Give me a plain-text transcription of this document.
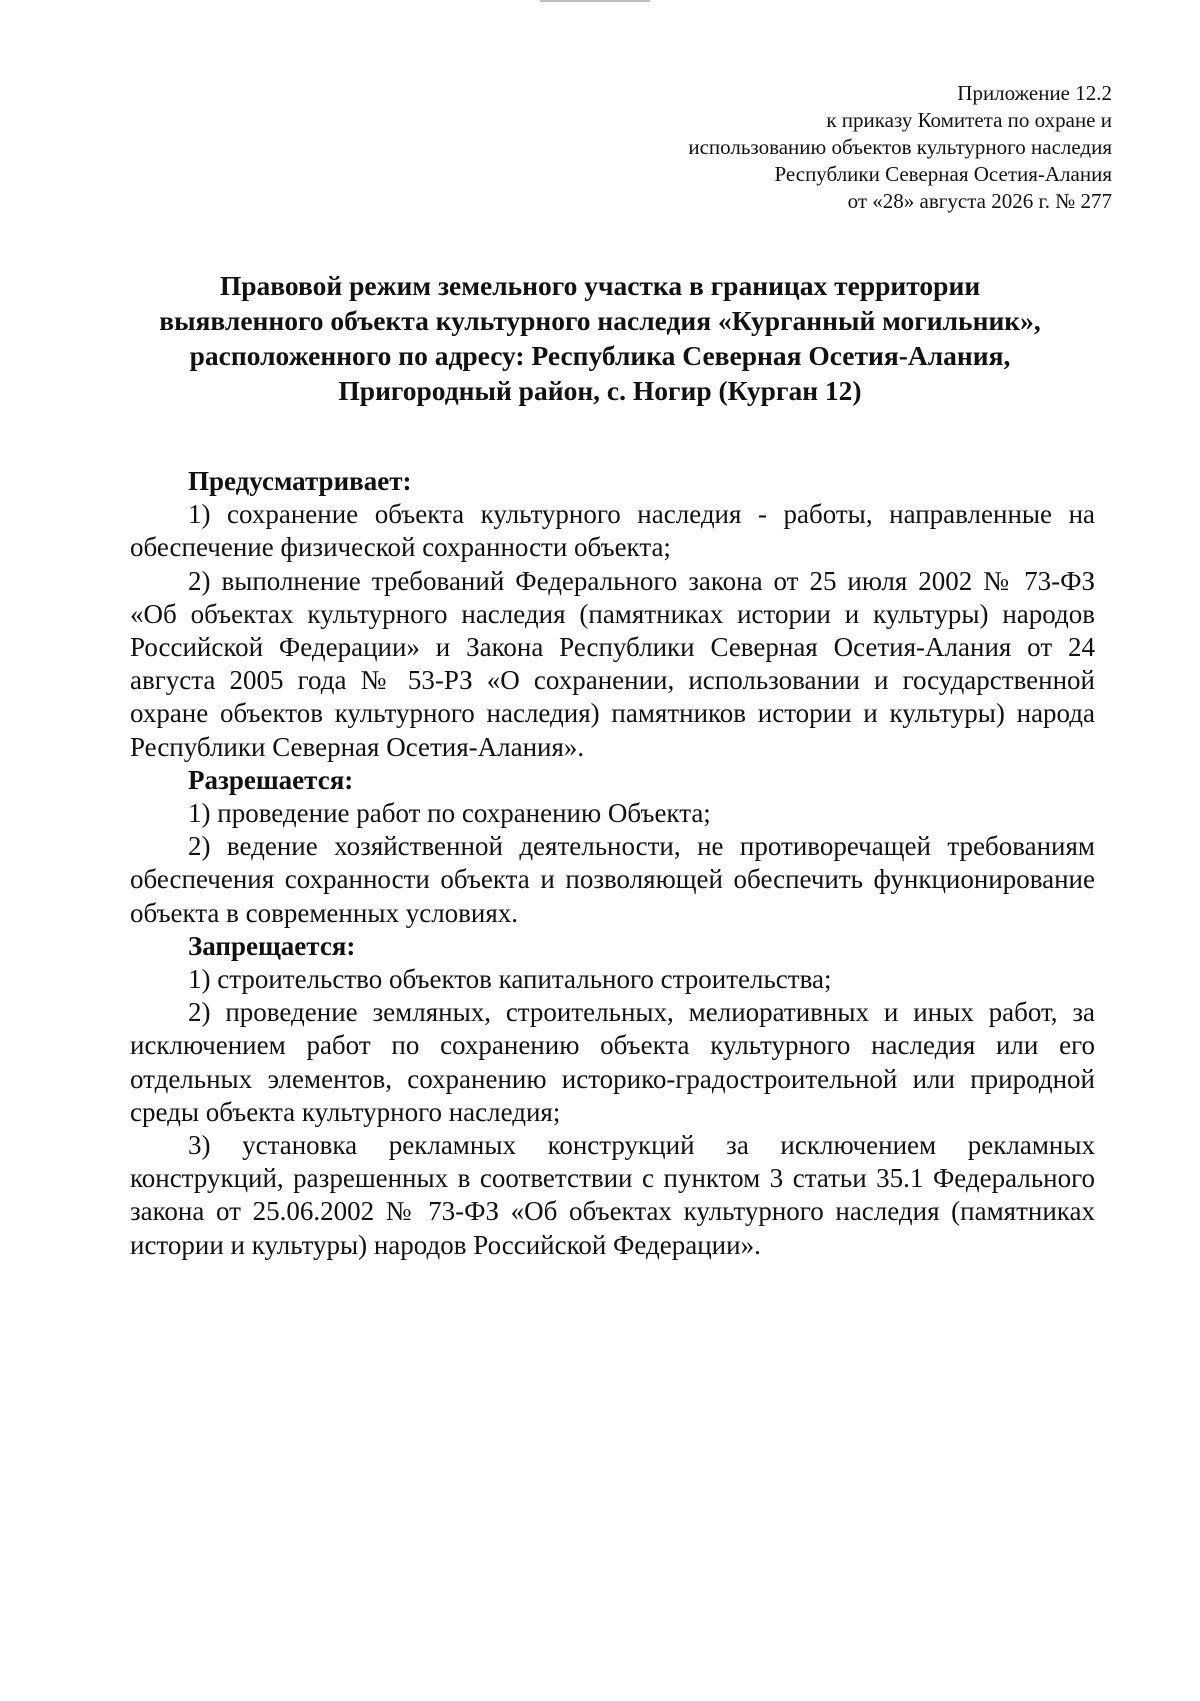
Приложение 12.2
к приказу Комитета по охране и
использованию объектов культурного наследия
Республики Северная Осетия-Алания
от «28» августа 2026 г. № 277
Правовой режим земельного участка в границах территории
выявленного объекта культурного наследия «Курганный могильник»,
расположенного по адресу: Республика Северная Осетия-Алания,
Пригородный район, с. Ногир (Курган 12)

Предусматривает:

1) сохранение объекта культурного наследия - работы, направленные на обеспечение физической сохранности объекта;

2) выполнение требований Федерального закона от 25 июля 2002 № 73-ФЗ «Об объектах культурного наследия (памятниках истории и культуры) народов Российской Федерации» и Закона Республики Северная Осетия-Алания от 24 августа 2005 года № 53-РЗ «О сохранении, использовании и государственной охране объектов культурного наследия) памятников истории и культуры) народа Республики Северная Осетия-Алания».

Разрешается:

1) проведение работ по сохранению Объекта;

2) ведение хозяйственной деятельности, не противоречащей требованиям обеспечения сохранности объекта и позволяющей обеспечить функционирование объекта в современных условиях.

Запрещается:

1) строительство объектов капитального строительства;

2) проведение земляных, строительных, мелиоративных и иных работ, за исключением работ по сохранению объекта культурного наследия или его отдельных элементов, сохранению историко-градостроительной или природной среды объекта культурного наследия;

3) установка рекламных конструкций за исключением рекламных конструкций, разрешенных в соответствии с пунктом 3 статьи 35.1 Федерального закона от 25.06.2002 № 73-ФЗ «Об объектах культурного наследия (памятниках истории и культуры) народов Российской Федерации».
